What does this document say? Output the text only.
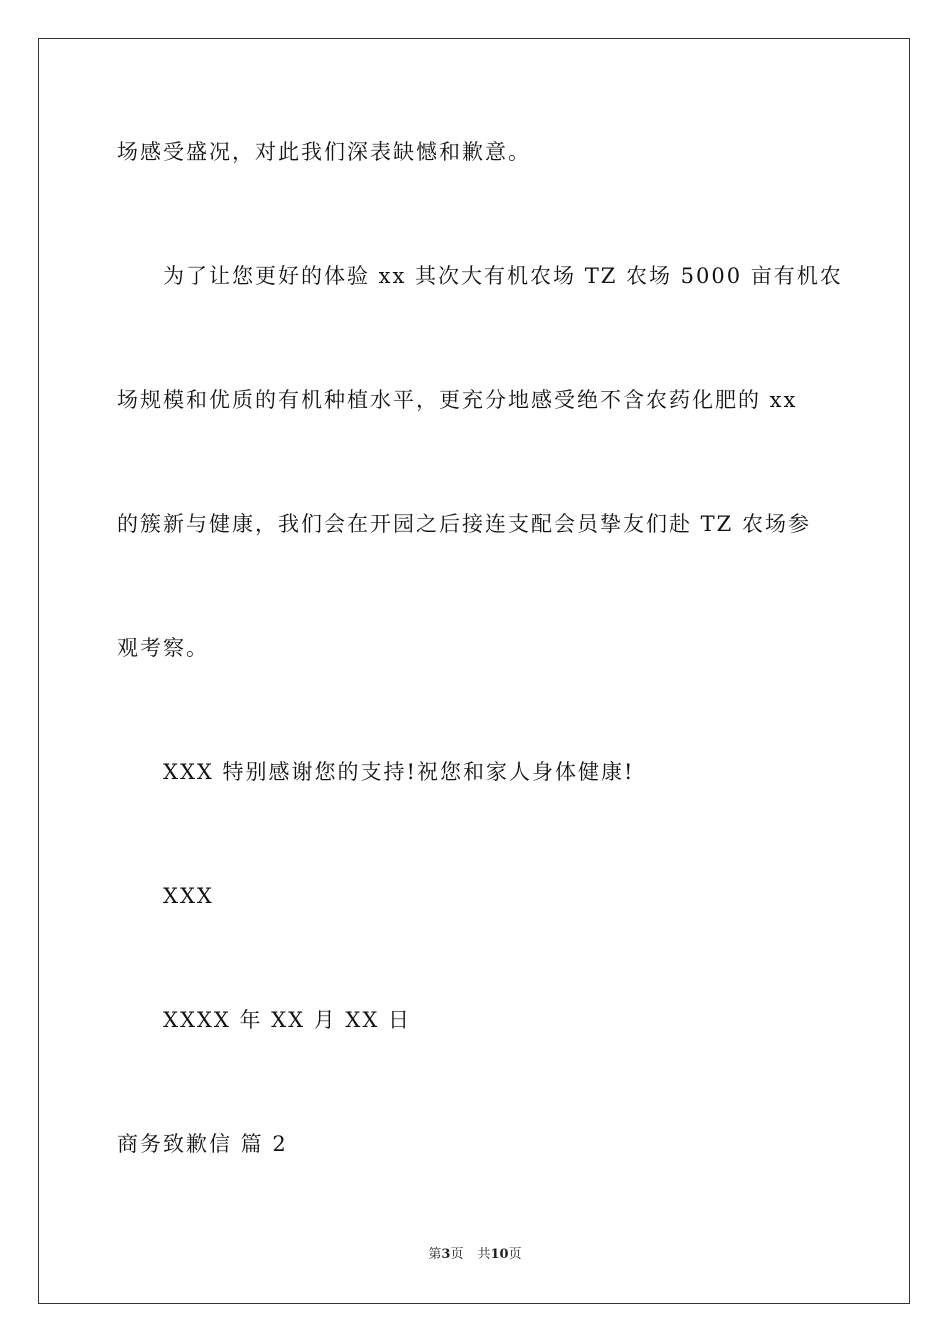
场感受盛况，对此我们深表缺憾和歉意。
为了让您更好的体验 xx 其次大有机农场 TZ 农场 5000 亩有机农
场规模和优质的有机种植水平，更充分地感受绝不含农药化肥的 xx
的簇新与健康，我们会在开园之后接连支配会员挚友们赴 TZ 农场参
观考察。
XXX 特别感谢您的支持!祝您和家人身体健康!
XXX
XXXX 年 XX 月 XX 日
商务致歉信 篇 2
第3页 共10页
